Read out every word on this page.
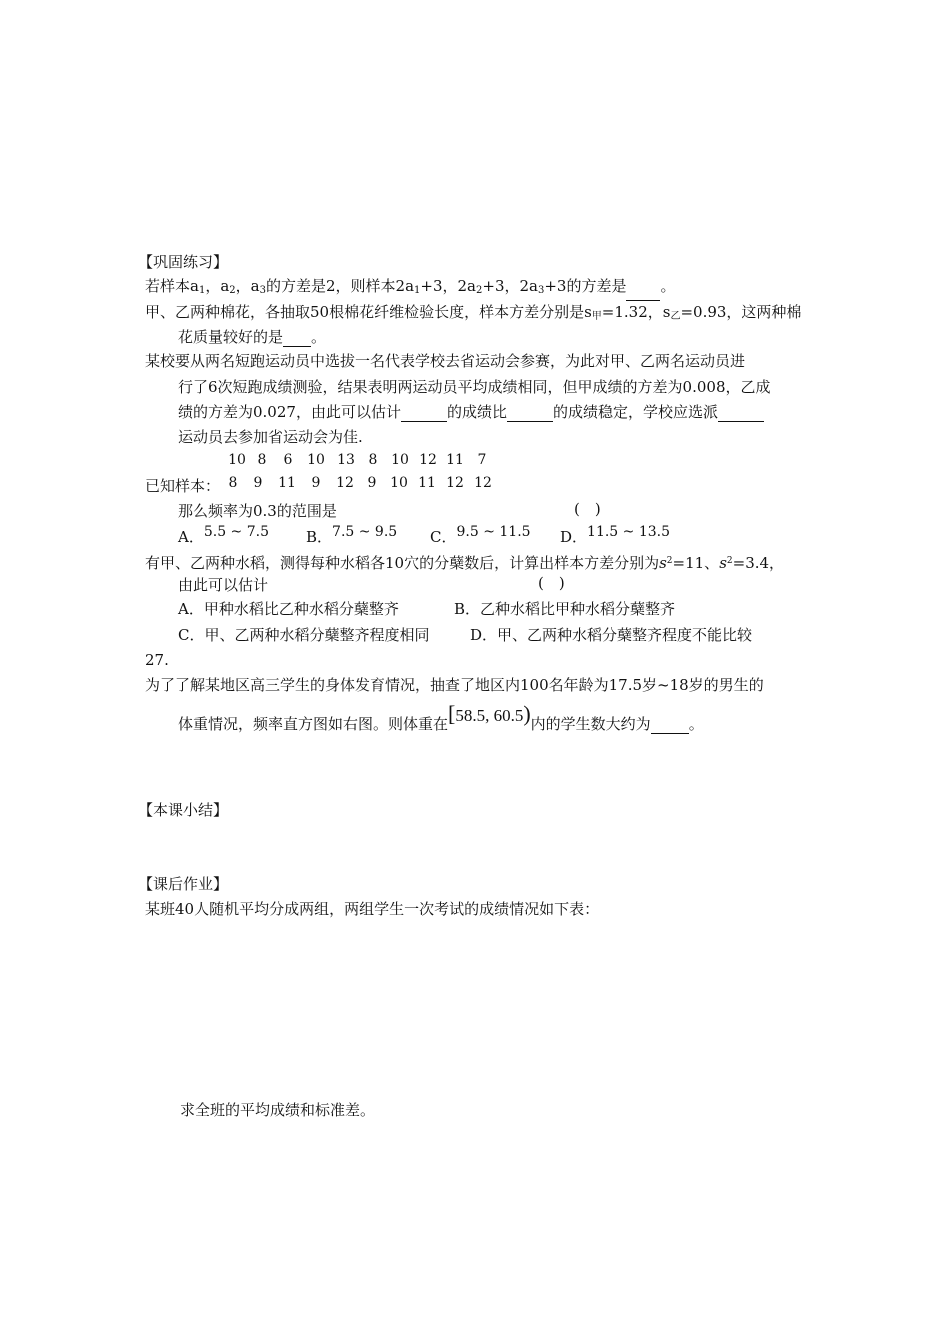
【巩固练习】
若样本$a_1$，$a_2$，$a_3$的方差是2，则样本$2a_1+3$，$2a_2+3$，$2a_3+3$的方差是 。
甲、乙两种棉花，各抽取50根棉花纤维检验长度，样本方差分别是$s_甲=1.32$，$s_乙=0.93$，这两种棉
花质量较好的是 。
某校要从两名短跑运动员中选拔一名代表学校去省运动会参赛，为此对甲、乙两名运动员进
行了6次短跑成绩测验，结果表明两运动员平均成绩相同，但甲成绩的方差为0.008，乙成
绩的方差为0.027，由此可以估计	的成绩比	的成绩稳定，学校应选派
运动员去参加省运动会为佳.
10 8 6 10 13 8 10 12 11 7
已知样本： 8 9 11 9 12 9 10 11 12 12
那么频率为0.3的范围是	(　)
A．5.5 ~ 7.5 B．7.5 ~ 9.5 C．9.5 ~ 11.5 D．11.5 ~ 13.5
有甲、乙两种水稻，测得每种水稻各10穴的分蘖数后，计算出样本方差分别为$s^2=11$、$s^2=3.4$，
由此可以估计	(　)
A．甲种水稻比乙种水稻分蘖整齐	B．乙种水稻比甲种水稻分蘖整齐
C．甲、乙两种水稻分蘖整齐程度相同	D．甲、乙两种水稻分蘖整齐程度不能比较
27.
为了了解某地区高三学生的身体发育情况，抽查了地区内100名年龄为17.5岁~18岁的男生的
体重情况，频率直方图如右图。则体重在[58.5, 60.5)内的学生数大约为	。
【本课小结】
【课后作业】
某班40人随机平均分成两组，两组学生一次考试的成绩情况如下表：
求全班的平均成绩和标准差。
